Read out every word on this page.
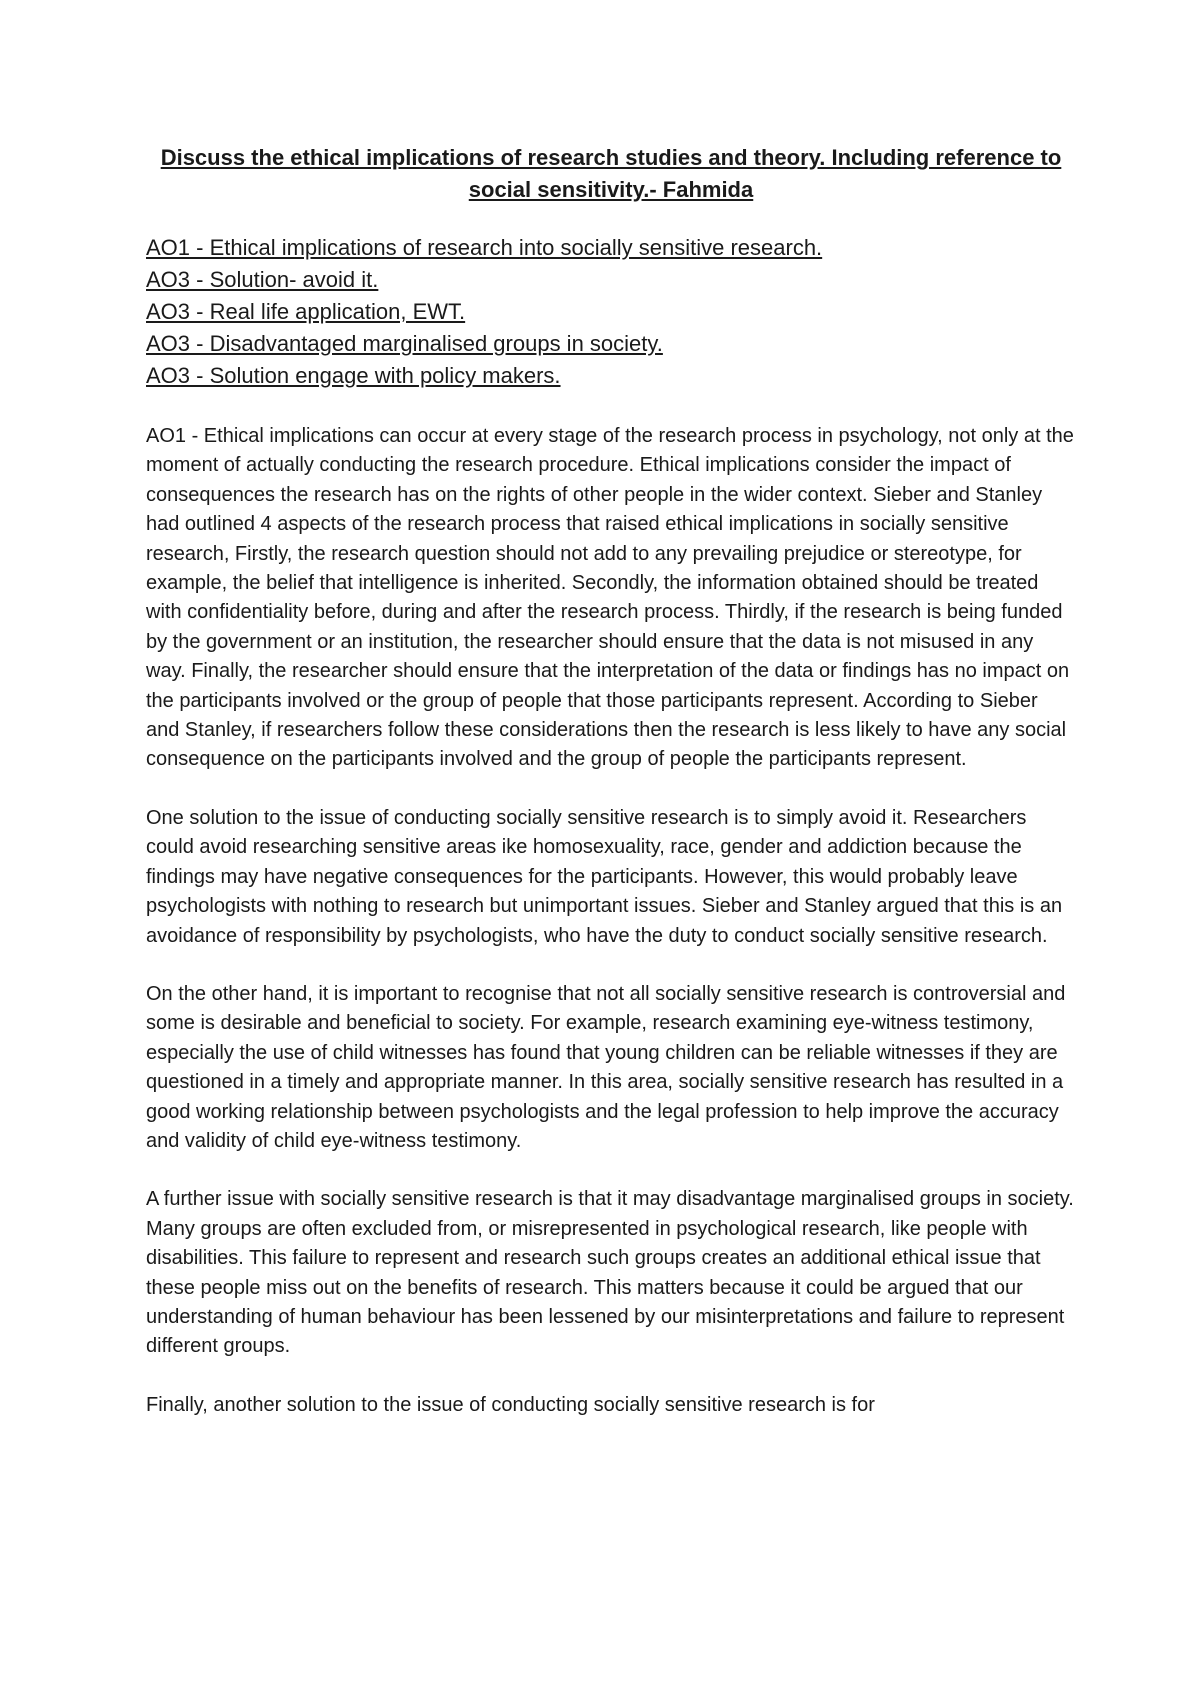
Discuss the ethical implications of research studies and theory. Including reference to social sensitivity.- Fahmida
AO1 - Ethical implications of research into socially sensitive research.
AO3 - Solution- avoid it.
AO3 - Real life application, EWT.
AO3 - Disadvantaged marginalised groups in society.
AO3 - Solution engage with policy makers.

AO1 - Ethical implications can occur at every stage of the research process in psychology, not only at the moment of actually conducting the research procedure. Ethical implications consider the impact of consequences the research has on the rights of other people in the wider context. Sieber and Stanley had outlined 4 aspects of the research process that raised ethical implications in socially sensitive research, Firstly, the research question should not add to any prevailing prejudice or stereotype, for example, the belief that intelligence is inherited. Secondly, the information obtained should be treated with confidentiality before, during and after the research process. Thirdly, if the research is being funded by the government or an institution, the researcher should ensure that the data is not misused in any way. Finally, the researcher should ensure that the interpretation of the data or findings has no impact on the participants involved or the group of people that those participants represent. According to Sieber and Stanley, if researchers follow these considerations then the research is less likely to have any social consequence on the participants involved and the group of people the participants represent.

One solution to the issue of conducting socially sensitive research is to simply avoid it. Researchers could avoid researching sensitive areas ike homosexuality, race, gender and addiction because the findings may have negative consequences for the participants. However, this would probably leave psychologists with nothing to research but unimportant issues. Sieber and Stanley argued that this is an avoidance of responsibility by psychologists, who have the duty to conduct socially sensitive research.

On the other hand, it is important to recognise that not all socially sensitive research is controversial and some is desirable and beneficial to society. For example, research examining eye-witness testimony, especially the use of child witnesses has found that young children can be reliable witnesses if they are questioned in a timely and appropriate manner. In this area, socially sensitive research has resulted in a good working relationship between psychologists and the legal profession to help improve the accuracy and validity of child eye-witness testimony.

A further issue with socially sensitive research is that it may disadvantage marginalised groups in society. Many groups are often excluded from, or misrepresented in psychological research, like people with disabilities. This failure to represent and research such groups creates an additional ethical issue that these people miss out on the benefits of research. This matters because it could be argued that our understanding of human behaviour has been lessened by our misinterpretations and failure to represent different groups.

Finally, another solution to the issue of conducting socially sensitive research is for
